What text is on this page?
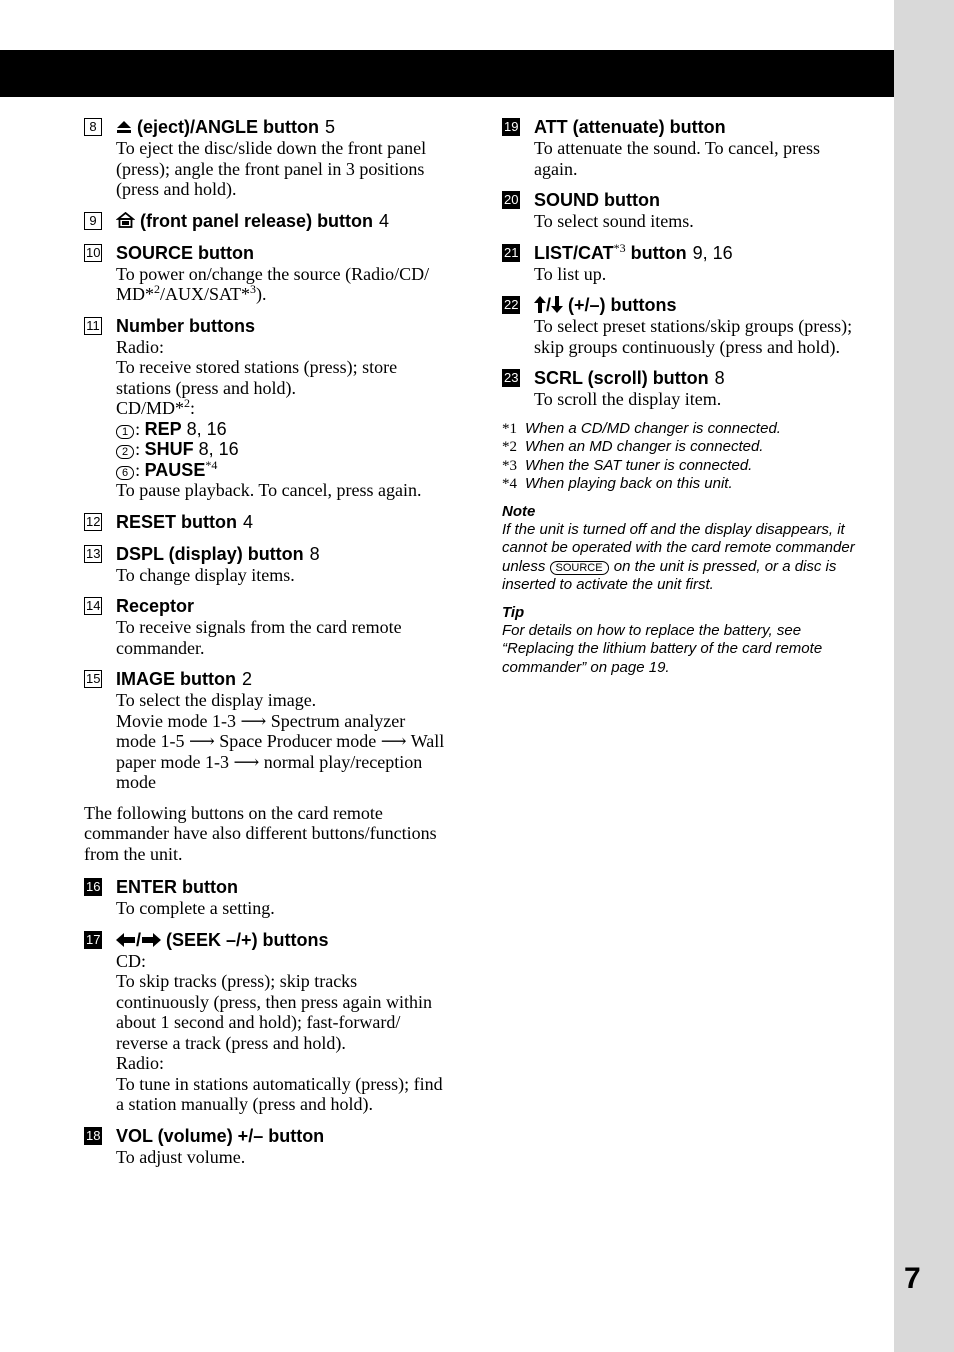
7
8	(eject)/ANGLE button 5
To eject the disc/slide down the front panel
(press); angle the front panel in 3 positions
(press and hold).
9	(front panel release) button 4
10 SOURCE button
To power on/change the source (Radio/CD/
MD*$^2$/AUX/SAT*$^3$).
11 Number buttons
Radio:
To receive stored stations (press); store
stations (press and hold).
CD/MD*$^2$:
1 : REP 8, 16
2 : SHUF 8, 16
6 : PAUSE$^{*4}$
To pause playback. To cancel, press again.
12 RESET button 4
13 DSPL (display) button 8
To change display items.
14 Receptor
To receive signals from the card remote
commander.
15 IMAGE button 2
To select the display image.
Movie mode 1-3 ⟶ Spectrum analyzer
mode 1-5 ⟶ Space Producer mode ⟶ Wall
paper mode 1-3 ⟶ normal play/reception
mode
The following buttons on the card remote
commander have also different buttons/functions
from the unit.
16 ENTER button
To complete a setting.
17	/ (SEEK –/+) buttons
CD:
To skip tracks (press); skip tracks
continuously (press, then press again within
about 1 second and hold); fast-forward/
reverse a track (press and hold).
Radio:
To tune in stations automatically (press); find
a station manually (press and hold).
18 VOL (volume) +/– button
To adjust volume.
19 ATT (attenuate) button
To attenuate the sound. To cancel, press
again.
20 SOUND button
To select sound items.
21 LIST/CAT$^{*3}$ button 9, 16
To list up.
22	/ (+/–) buttons
To select preset stations/skip groups (press);
skip groups continuously (press and hold).
23 SCRL (scroll) button 8
To scroll the display item.
*1 When a CD/MD changer is connected.
*2 When an MD changer is connected.
*3 When the SAT tuner is connected.
*4 When playing back on this unit.
Note
If the unit is turned off and the display disappears, it
cannot be operated with the card remote commander
unless SOURCE on the unit is pressed, or a disc is
inserted to activate the unit first.
Tip
For details on how to replace the battery, see
“Replacing the lithium battery of the card remote
commander” on page 19.
